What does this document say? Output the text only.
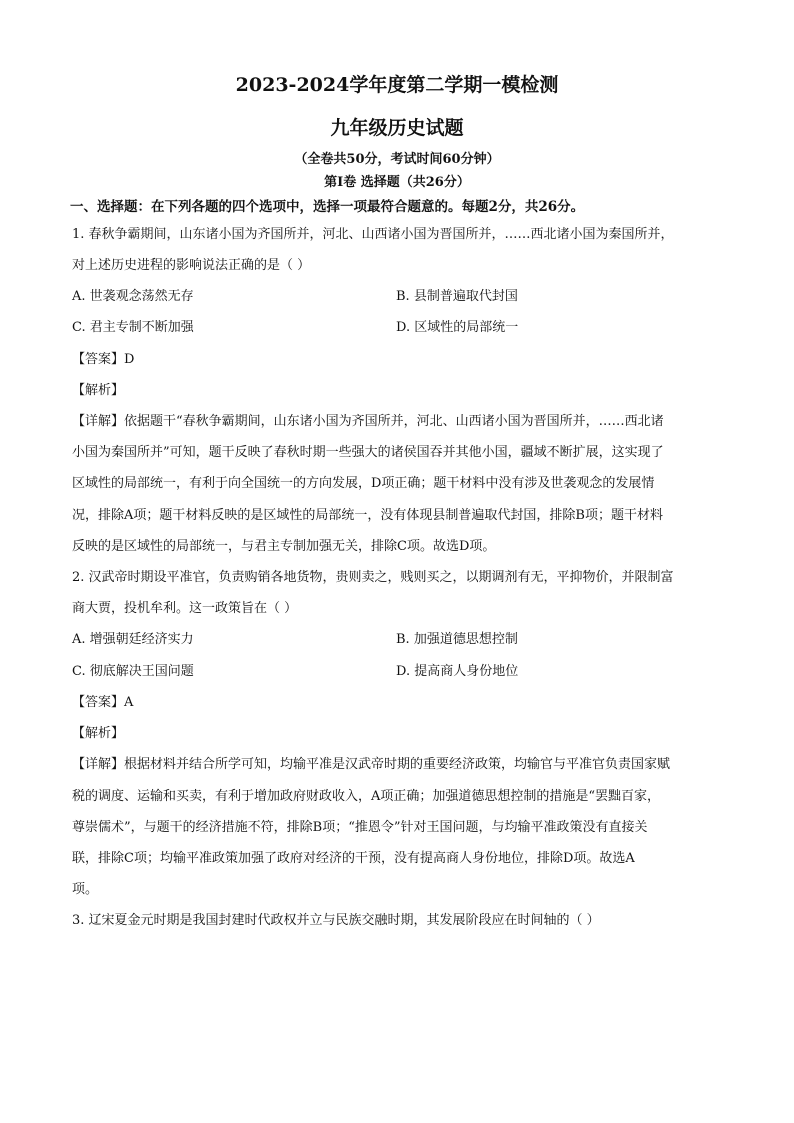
2023-2024学年度第二学期一模检测
九年级历史试题
（全卷共50分，考试时间60分钟）
第Ⅰ卷 选择题（共26分）
一、选择题：在下列各题的四个选项中，选择一项最符合题意的。每题2分，共26分。
1. 春秋争霸期间，山东诸小国为齐国所并，河北、山西诸小国为晋国所并，……西北诸小国为秦国所并，
对上述历史进程的影响说法正确的是（ ）
A. 世袭观念荡然无存	B. 县制普遍取代封国
C. 君主专制不断加强	D. 区域性的局部统一
【答案】D
【解析】
【详解】依据题干“春秋争霸期间，山东诸小国为齐国所并，河北、山西诸小国为晋国所并，……西北诸
小国为秦国所并”可知，题干反映了春秋时期一些强大的诸侯国吞并其他小国，疆域不断扩展，这实现了
区域性的局部统一，有利于向全国统一的方向发展，D项正确；题干材料中没有涉及世袭观念的发展情
况，排除A项；题干材料反映的是区域性的局部统一，没有体现县制普遍取代封国，排除B项；题干材料
反映的是区域性的局部统一，与君主专制加强无关，排除C项。故选D项。
2. 汉武帝时期设平准官，负责购销各地货物，贵则卖之，贱则买之，以期调剂有无，平抑物价，并限制富
商大贾，投机牟利。这一政策旨在（ ）
A. 增强朝廷经济实力	B. 加强道德思想控制
C. 彻底解决王国问题	D. 提高商人身份地位
【答案】A
【解析】
【详解】根据材料并结合所学可知，均输平准是汉武帝时期的重要经济政策，均输官与平准官负责国家赋
税的调度、运输和买卖，有利于增加政府财政收入，A项正确；加强道德思想控制的措施是“罢黜百家，
尊崇儒术”，与题干的经济措施不符，排除B项；“推恩令”针对王国问题，与均输平准政策没有直接关
联，排除C项；均输平准政策加强了政府对经济的干预，没有提高商人身份地位，排除D项。故选A
项。
3. 辽宋夏金元时期是我国封建时代政权并立与民族交融时期，其发展阶段应在时间轴的（ ）
